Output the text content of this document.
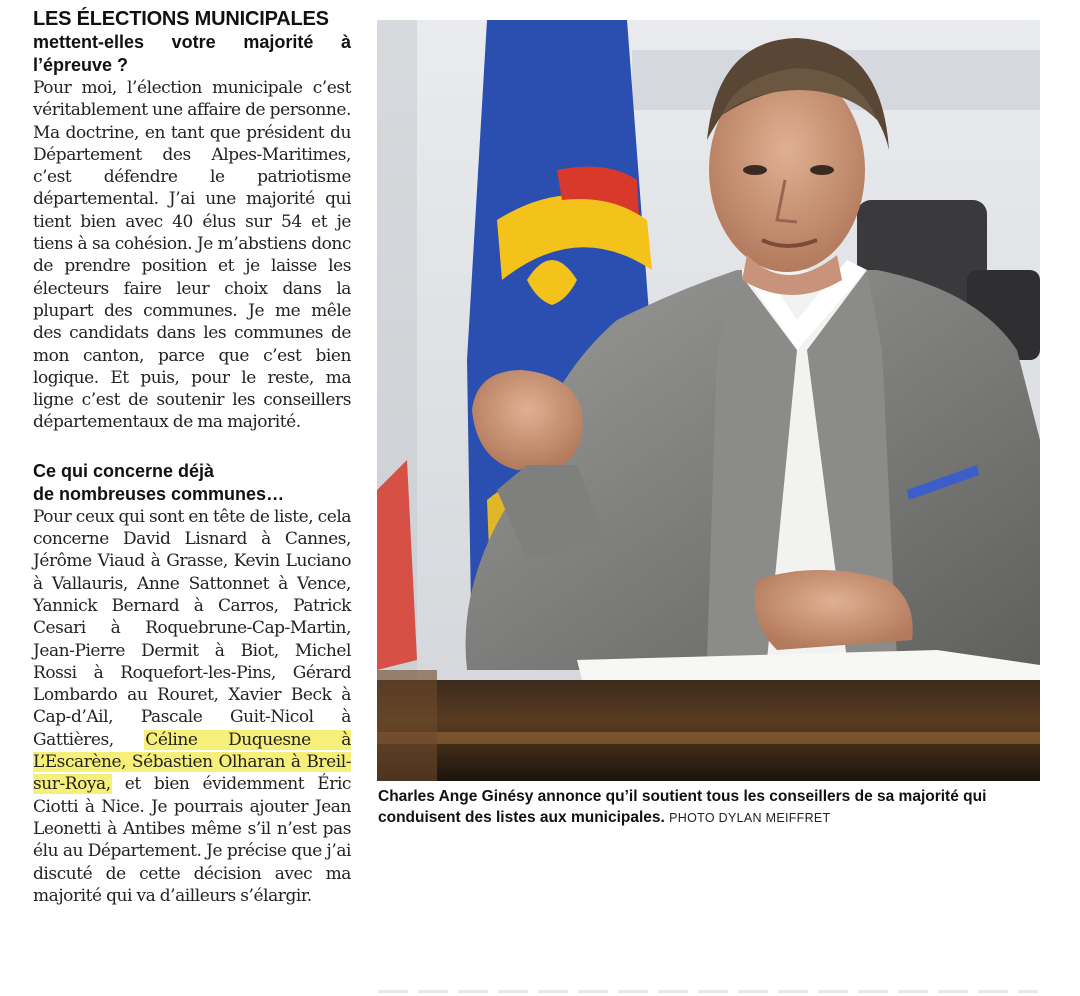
LES ÉLECTIONS MUNICIPALES
mettent-elles votre majorité à
l’épreuve ?

Pour moi, l’élection municipale c’est véritablement une affaire de personne. Ma doctrine, en tant que président du Département des Alpes-Maritimes, c’est défendre le patriotisme départemental. J’ai une majorité qui tient bien avec 40 élus sur 54 et je tiens à sa cohésion. Je m’abstiens donc de prendre position et je laisse les électeurs faire leur choix dans la plupart des communes. Je me mêle des candidats dans les communes de mon canton, parce que c’est bien logique. Et puis, pour le reste, ma ligne c’est de soutenir les conseillers départementaux de ma majorité.

Ce qui concerne déjà
de nombreuses communes…

Pour ceux qui sont en tête de liste, cela concerne David Lisnard à Cannes, Jérôme Viaud à Grasse, Kevin Luciano à Vallauris, Anne Sattonnet à Vence, Yannick Bernard à Carros, Patrick Cesari à Roquebrune-Cap-Martin, Jean-Pierre Dermit à Biot, Michel Rossi à Roquefort-les-Pins, Gérard Lombardo au Rouret, Xavier Beck à Cap-d’Ail, Pascale Guit-Nicol à Gattières, Céline Duquesne à L’Escarène, Sébastien Olharan à Breil-sur-Roya, et bien évidemment Éric Ciotti à Nice. Je pourrais ajouter Jean Leonetti à Antibes même s’il n’est pas élu au Département. Je précise que j’ai discuté de cette décision avec ma majorité qui va d’ailleurs s’élargir.

Charles Ange Ginésy annonce qu’il soutient tous les conseillers de sa majorité qui conduisent des listes aux municipales. PHOTO DYLAN MEIFFRET
